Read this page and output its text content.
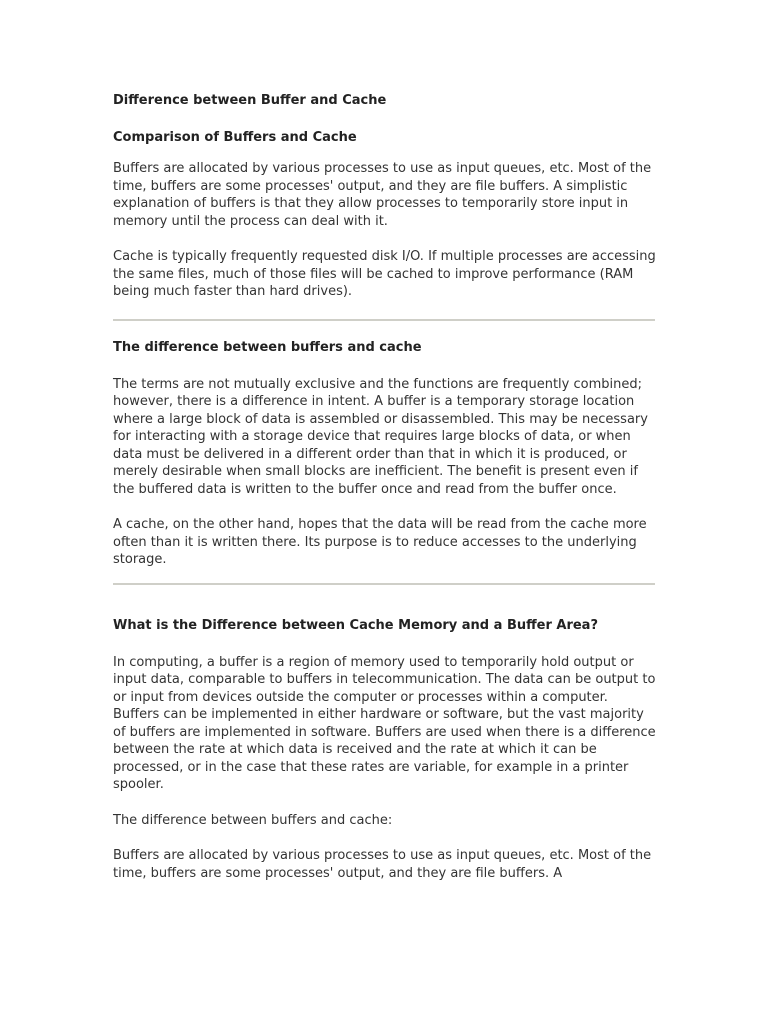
Difference between Buffer and Cache

Comparison of Buffers and Cache

Buffers are allocated by various processes to use as input queues, etc. Most of the time, buffers are some processes' output, and they are file buffers. A simplistic explanation of buffers is that they allow processes to temporarily store input in memory until the process can deal with it.

Cache is typically frequently requested disk I/O. If multiple processes are accessing the same files, much of those files will be cached to improve performance (RAM being much faster than hard drives).

The difference between buffers and cache

The terms are not mutually exclusive and the functions are frequently combined; however, there is a difference in intent. A buffer is a temporary storage location where a large block of data is assembled or disassembled. This may be necessary for interacting with a storage device that requires large blocks of data, or when data must be delivered in a different order than that in which it is produced, or merely desirable when small blocks are inefficient. The benefit is present even if the buffered data is written to the buffer once and read from the buffer once.

A cache, on the other hand, hopes that the data will be read from the cache more often than it is written there. Its purpose is to reduce accesses to the underlying storage.

What is the Difference between Cache Memory and a Buffer Area?

In computing, a buffer is a region of memory used to temporarily hold output or input data, comparable to buffers in telecommunication. The data can be output to or input from devices outside the computer or processes within a computer. Buffers can be implemented in either hardware or software, but the vast majority of buffers are implemented in software. Buffers are used when there is a difference between the rate at which data is received and the rate at which it can be processed, or in the case that these rates are variable, for example in a printer spooler.

The difference between buffers and cache:

Buffers are allocated by various processes to use as input queues, etc. Most of the time, buffers are some processes' output, and they are file buffers. A
